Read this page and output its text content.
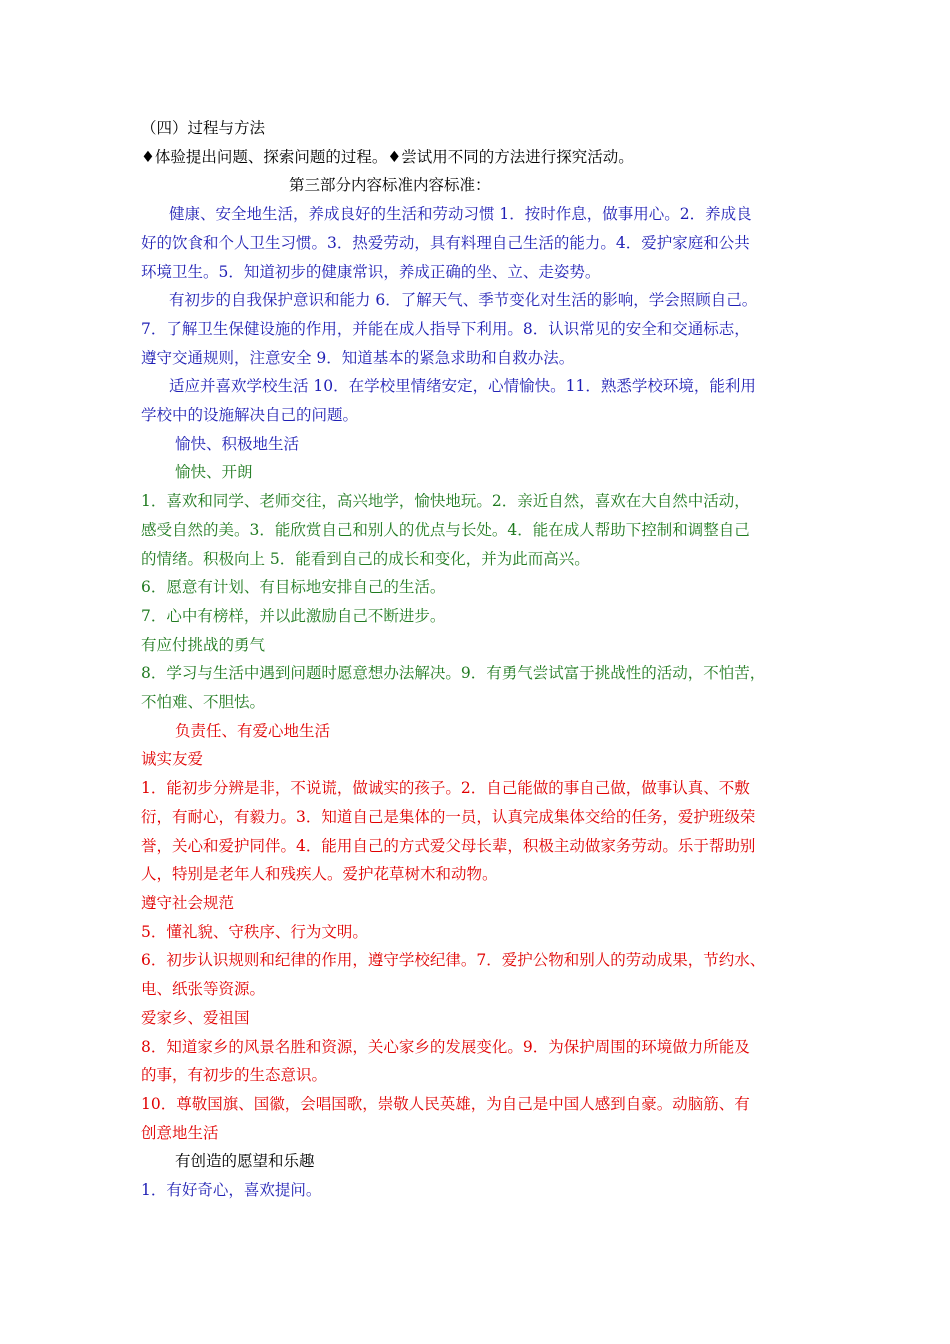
（四）过程与方法
♦体验提出问题、探索问题的过程。♦尝试用不同的方法进行探究活动。
第三部分内容标准内容标准：
健康、安全地生活，养成良好的生活和劳动习惯 1．按时作息，做事用心。2．养成良
好的饮食和个人卫生习惯。3．热爱劳动，具有料理自己生活的能力。4．爱护家庭和公共
环境卫生。5．知道初步的健康常识，养成正确的坐、立、走姿势。
有初步的自我保护意识和能力 6．了解天气、季节变化对生活的影响，学会照顾自己。
7．了解卫生保健设施的作用，并能在成人指导下利用。8．认识常见的安全和交通标志，
遵守交通规则，注意安全 9．知道基本的紧急求助和自救办法。
适应并喜欢学校生活 10．在学校里情绪安定，心情愉快。11．熟悉学校环境，能利用
学校中的设施解决自己的问题。
愉快、积极地生活
愉快、开朗
1．喜欢和同学、老师交往，高兴地学，愉快地玩。2．亲近自然，喜欢在大自然中活动，
感受自然的美。3．能欣赏自己和别人的优点与长处。4．能在成人帮助下控制和调整自己
的情绪。积极向上 5．能看到自己的成长和变化，并为此而高兴。
6．愿意有计划、有目标地安排自己的生活。
7．心中有榜样，并以此激励自己不断进步。
有应付挑战的勇气
8．学习与生活中遇到问题时愿意想办法解决。9．有勇气尝试富于挑战性的活动，不怕苦，
不怕难、不胆怯。
负责任、有爱心地生活
诚实友爱
1．能初步分辨是非，不说谎，做诚实的孩子。2．自己能做的事自己做，做事认真、不敷
衍，有耐心，有毅力。3．知道自己是集体的一员，认真完成集体交给的任务，爱护班级荣
誉，关心和爱护同伴。4．能用自己的方式爱父母长辈，积极主动做家务劳动。乐于帮助别
人，特别是老年人和残疾人。爱护花草树木和动物。
遵守社会规范
5．懂礼貌、守秩序、行为文明。
6．初步认识规则和纪律的作用，遵守学校纪律。7．爱护公物和别人的劳动成果，节约水、
电、纸张等资源。
爱家乡、爱祖国
8．知道家乡的风景名胜和资源，关心家乡的发展变化。9．为保护周围的环境做力所能及
的事，有初步的生态意识。
10．尊敬国旗、国徽，会唱国歌，崇敬人民英雄，为自己是中国人感到自豪。动脑筋、有
创意地生活
有创造的愿望和乐趣
1．有好奇心，喜欢提问。
